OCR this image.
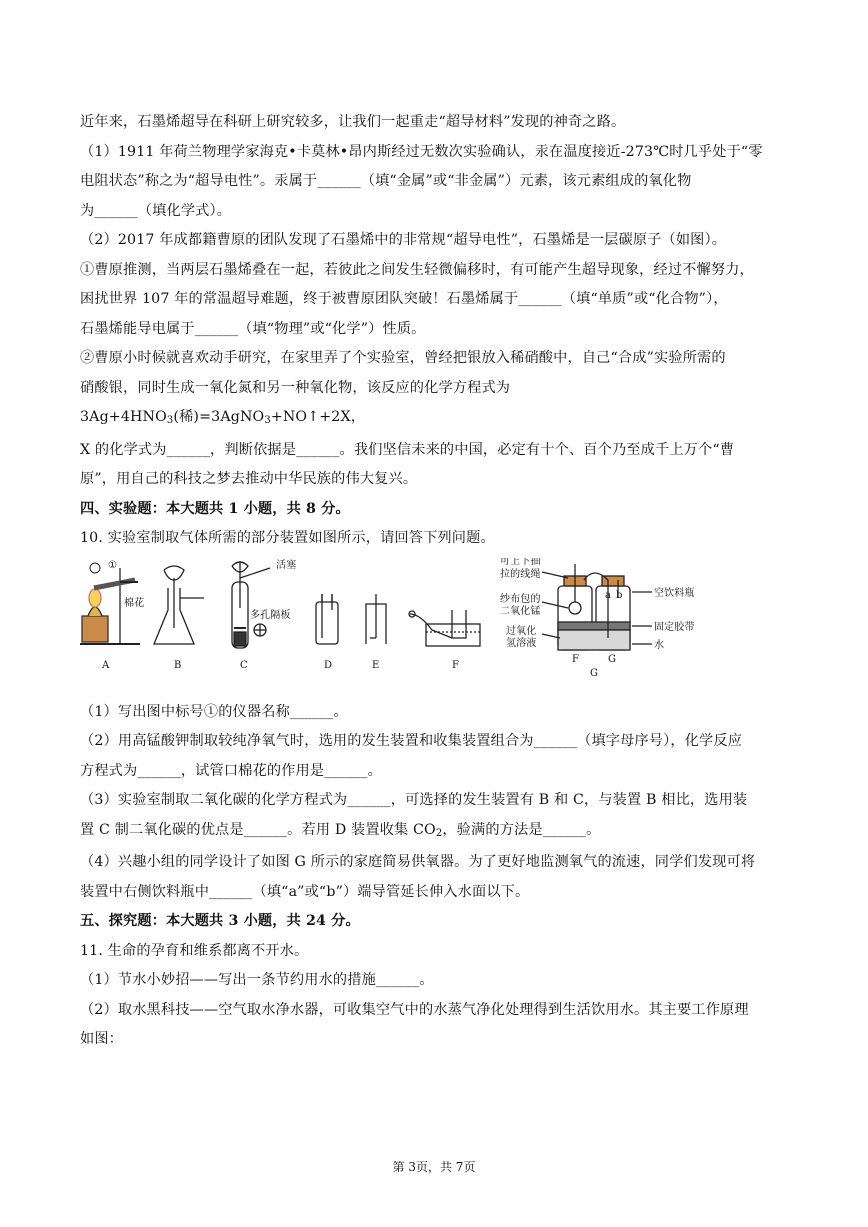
近年来，石墨烯超导在科研上研究较多，让我们一起重走“超导材料”发现的神奇之路。

（1）1911 年荷兰物理学家海克•卡莫林•昂内斯经过无数次实验确认，汞在温度接近-273℃时几乎处于“零

电阻状态”称之为“超导电性”。汞属于______（填“金属”或“非金属”）元素，该元素组成的氧化物

为______（填化学式）。

（2）2017 年成都籍曹原的团队发现了石墨烯中的非常规“超导电性”，石墨烯是一层碳原子（如图）。

①曹原推测，当两层石墨烯叠在一起，若彼此之间发生轻微偏移时，有可能产生超导现象，经过不懈努力，

困扰世界 107 年的常温超导难题，终于被曹原团队突破！石墨烯属于______（填“单质”或“化合物”），

石墨烯能导电属于______（填“物理”或“化学”）性质。

②曹原小时候就喜欢动手研究，在家里弄了个实验室，曾经把银放入稀硝酸中，自己“合成”实验所需的

硝酸银，同时生成一氧化氮和另一种氧化物，该反应的化学方程式为 $3Ag+4HNO_3$(稀)=3AgNO$_3$+NO↑+2X，

X 的化学式为______，判断依据是______。我们坚信未来的中国，必定有十个、百个乃至成千上万个“曹

原”，用自己的科技之梦去推动中华民族的伟大复兴。

四、实验题：本大题共 1 小题，共 8 分。

10. 实验室制取气体所需的部分装置如图所示，请回答下列问题。

①
棉花
活塞
多孔隔板
可上下抽
拉的线绳
纱布包的
二氧化锰
过氧化
氢溶液
空饮料瓶
固定胶带
水
a b
A	B	C	D	E	F
F	G
G

（1）写出图中标号①的仪器名称______。

（2）用高锰酸钾制取较纯净氧气时，选用的发生装置和收集装置组合为______（填字母序号），化学反应

方程式为______，试管口棉花的作用是______。

（3）实验室制取二氧化碳的化学方程式为______，可选择的发生装置有 B 和 C，与装置 B 相比，选用装

置 C 制二氧化碳的优点是______。若用 D 装置收集 $CO_2$，验满的方法是______。

（4）兴趣小组的同学设计了如图 G 所示的家庭简易供氧器。为了更好地监测氧气的流速，同学们发现可将

装置中右侧饮料瓶中______（填“a”或“b”）端导管延长伸入水面以下。

五、探究题：本大题共 3 小题，共 24 分。

11. 生命的孕育和维系都离不开水。

（1）节水小妙招——写出一条节约用水的措施______。

（2）取水黑科技——空气取水净水器，可收集空气中的水蒸气净化处理得到生活饮用水。其主要工作原理

如图：

第 3页，共 7页
